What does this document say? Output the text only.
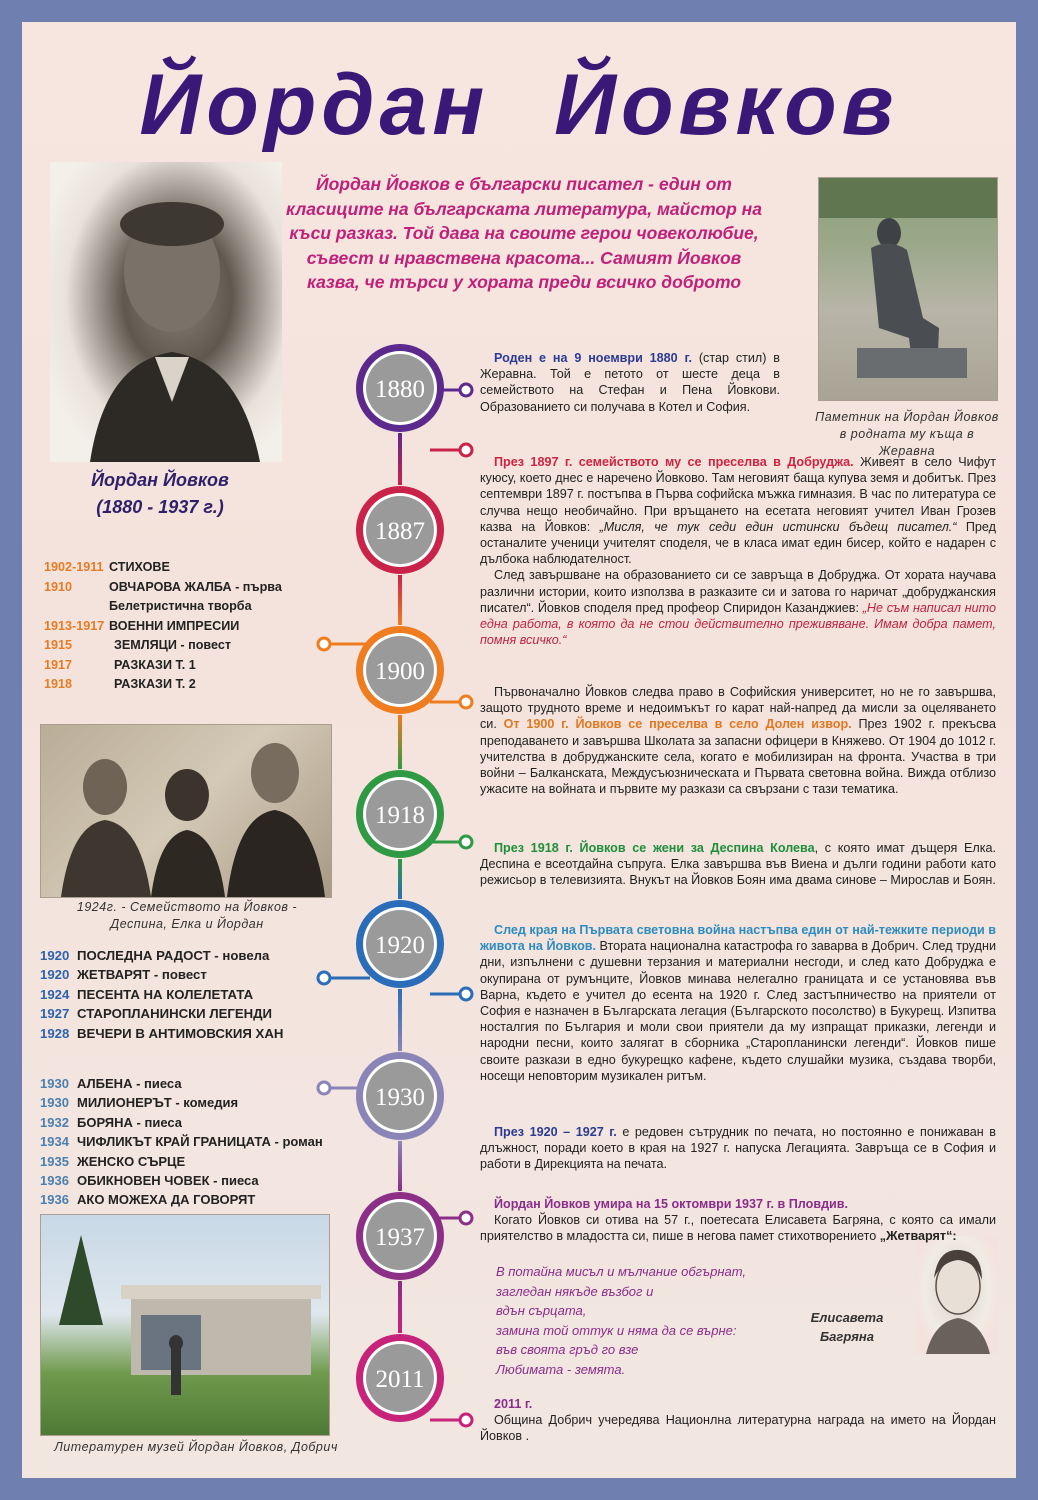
Йордан Йовков
Йордан Йовков е български писател - един от класиците на българската литература, майстор на къси разказ. Той дава на своите герои човеколюбие, съвест и нравствена красота... Самият Йовков казва, че търси у хората преди всичко доброто
Йордан Йовков
(1880 - 1937 г.)
Паметник на Йордан Йовков в родната му къща в Жеравна
1902-1911 СТИХОВЕ
1910	ОВЧАРОВА ЖАЛБА - първа
Белетристична творба
1913-1917 ВОЕННИ ИМПРЕСИИ
1915	ЗЕМЛЯЦИ - повест
1917	РАЗКАЗИ Т. 1
1918	РАЗКАЗИ Т. 2
1924г. - Семейството на Йовков - Деспина, Елка и Йордан
1920 ПОСЛЕДНА РАДОСТ - новела
1920 ЖЕТВАРЯТ - повест
1924 ПЕСЕНТА НА КОЛЕЛЕТАТА
1927 СТАРОПЛАНИНСКИ ЛЕГЕНДИ
1928 ВЕЧЕРИ В АНТИМОВСКИЯ ХАН
1930 АЛБЕНА - пиеса
1930 МИЛИОНЕРЪТ - комедия
1932 БОРЯНА - пиеса
1934 ЧИФЛИКЪТ КРАЙ ГРАНИЦАТА - роман
1935 ЖЕНСКО СЪРЦЕ
1936 ОБИКНОВЕН ЧОВЕК - пиеса
1936 АКО МОЖЕХА ДА ГОВОРЯТ
Литературен музей Йордан Йовков, Добрич
Елисавета Багряна
1880
1887
1900
1918
1920
1930
1937
2011
Роден е на 9 ноември 1880 г. (стар стил) в Жеравна. Той е петото от шесте деца в семейството на Стефан и Пена Йовкови. Образованието си получава в Котел и София.
През 1897 г. семейството му се преселва в Добруджа. Живеят в село Чифут куюсу, което днес е наречено Йовково. Там неговият баща купува земя и добитък. През септември 1897 г. постъпва в Първа софийска мъжка гимназия. В час по литература се случва нещо необичайно. При връщането на есетата неговият учител Иван Грозев казва на Йовков: „Мисля, че тук седи един истински бъдещ писател.“ Пред останалите ученици учителят споделя, че в класа имат един бисер, който е надарен с дълбока наблюдателност.
След завършване на образованието си се завръща в Добруджа. От хората научава различни истории, които използва в разказите си и затова го наричат „добруджанския писател“. Йовков споделя пред профеор Спиридон Казанджиев: „Не съм написал нито една работа, в която да не стои действително преживяване. Имам добра памет, помня всичко.“
Първоначално Йовков следва право в Софийския университет, но не го завършва, защото трудното време и недоимъкът го карат най-напред да мисли за оцеляването си. От 1900 г. Йовков се преселва в село Долен извор. През 1902 г. прекъсва преподаването и завършва Школата за запасни офицери в Княжево. От 1904 до 1012 г. учителства в добруджанските села, когато е мобилизиран на фронта. Участва в три войни – Балканската, Междусъюзническата и Първата световна война. Вижда отблизо ужасите на войната и първите му разкази са свързани с тази тематика.
През 1918 г. Йовков се жени за Деспина Колева, с която имат дъщеря Елка. Деспина е всеотдайна съпруга. Елка завършва във Виена и дълги години работи като режисьор в телевизията. Внукът на Йовков Боян има двама синове – Мирослав и Боян.
След края на Първата световна война настъпва един от най-тежките периоди в живота на Йовков. Втората национална катастрофа го заварва в Добрич. След трудни дни, изпълнени с душевни терзания и материални несгоди, и след като Добруджа е окупирана от румънците, Йовков минава нелегално границата и се установява във Варна, където е учител до есента на 1920 г. След застъпничество на приятели от София е назначен в Българската легация (Българското посолство) в Букурещ. Изпитва носталгия по България и моли свои приятели да му изпращат приказки, легенди и народни песни, които залягат в сборника „Старопланински легенди“. Йовков пише своите разкази в едно букурещко кафене, където слушайки музика, създава творби, носещи неповторим музикален ритъм.
През 1920 – 1927 г. е редовен сътрудник по печата, но постоянно е понижаван в длъжност, поради което в края на 1927 г. напуска Легацията. Завръща се в София и работи в Дирекцията на печата.
Йордан Йовков умира на 15 октомври 1937 г. в Пловдив.
Когато Йовков си отива на 57 г., поетесата Елисавета Багряна, с която са имали приятелство в младостта си, пише в негова памет стихотворението „Жетварят“:
В потайна мисъл и мълчание обгърнат,
загледан някъде възбог и
вдън сърцата,
замина той оттук и няма да се върне:
във своята гръд го взе
Любимата - земята.
2011 г.
Община Добрич учередява Национлна литературна награда на името на Йордан Йовков .
